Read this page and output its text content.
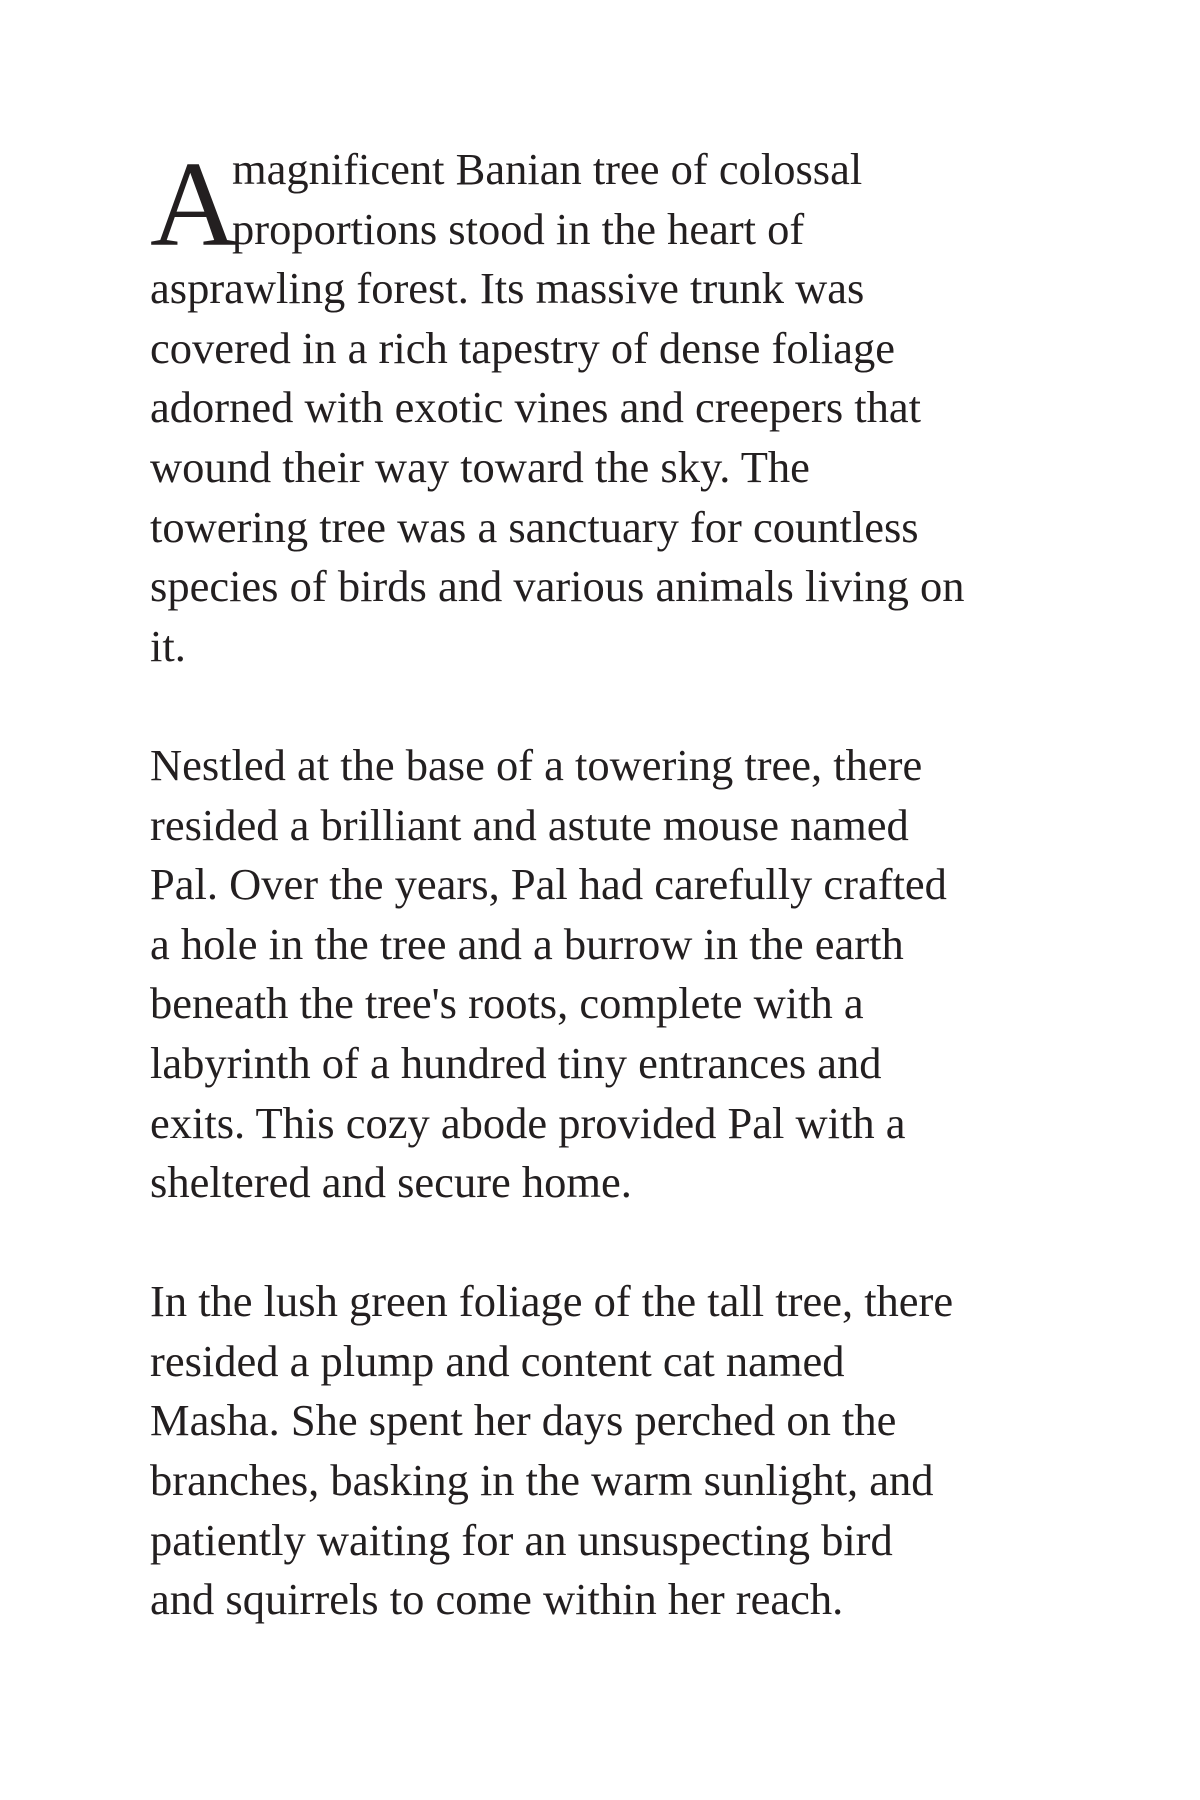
A
magnificent Banian tree of colossal
proportions stood in the heart of
asprawling forest. Its massive trunk was
covered in a rich tapestry of dense foliage
adorned with exotic vines and creepers that
wound their way toward the sky. The
towering tree was a sanctuary for countless
species of birds and various animals living on
it.

Nestled at the base of a towering tree, there
resided a brilliant and astute mouse named
Pal. Over the years, Pal had carefully crafted
a hole in the tree and a burrow in the earth
beneath the tree's roots, complete with a
labyrinth of a hundred tiny entrances and
exits. This cozy abode provided Pal with a
sheltered and secure home.

In the lush green foliage of the tall tree, there
resided a plump and content cat named
Masha. She spent her days perched on the
branches, basking in the warm sunlight, and
patiently waiting for an unsuspecting bird
and squirrels to come within her reach.
